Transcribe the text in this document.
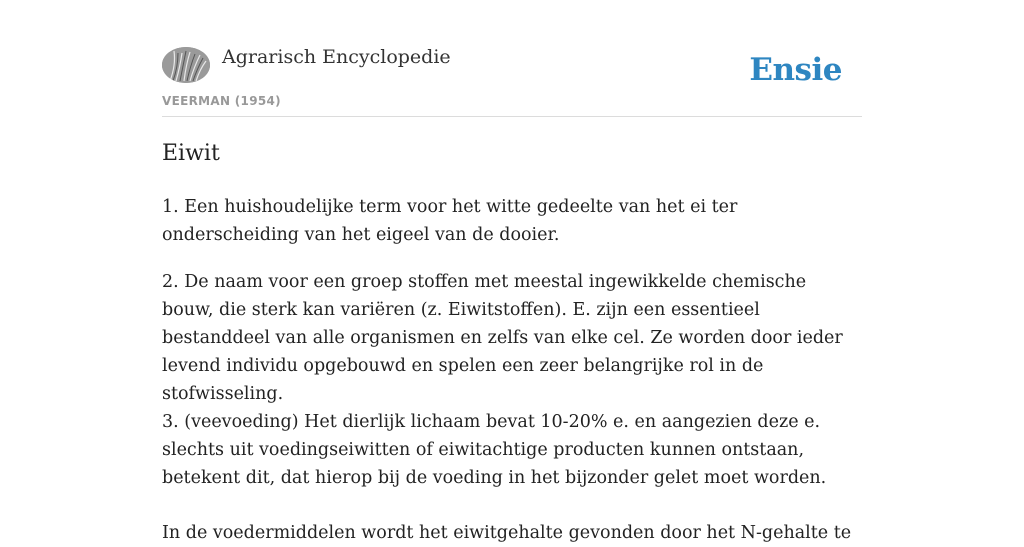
Agrarisch Encyclopedie
VEERMAN (1954)
Ensie
Eiwit

1. Een huishoudelijke term voor het witte gedeelte van het ei ter onderscheiding van het eigeel van de dooier.

2. De naam voor een groep stoffen met meestal ingewikkelde chemische bouw, die sterk kan variëren (z. Eiwitstoffen). E. zijn een essentieel bestanddeel van alle organismen en zelfs van elke cel. Ze worden door ieder levend individu opgebouwd en spelen een zeer belangrijke rol in de stofwisseling.

3. (veevoeding) Het dierlijk lichaam bevat 10-20% e. en aangezien deze e. slechts uit voedingseiwitten of eiwitachtige producten kunnen ontstaan, betekent dit, dat hierop bij de voeding in het bijzonder gelet moet worden.

In de voedermiddelen wordt het eiwitgehalte gevonden door het N-gehalte te
